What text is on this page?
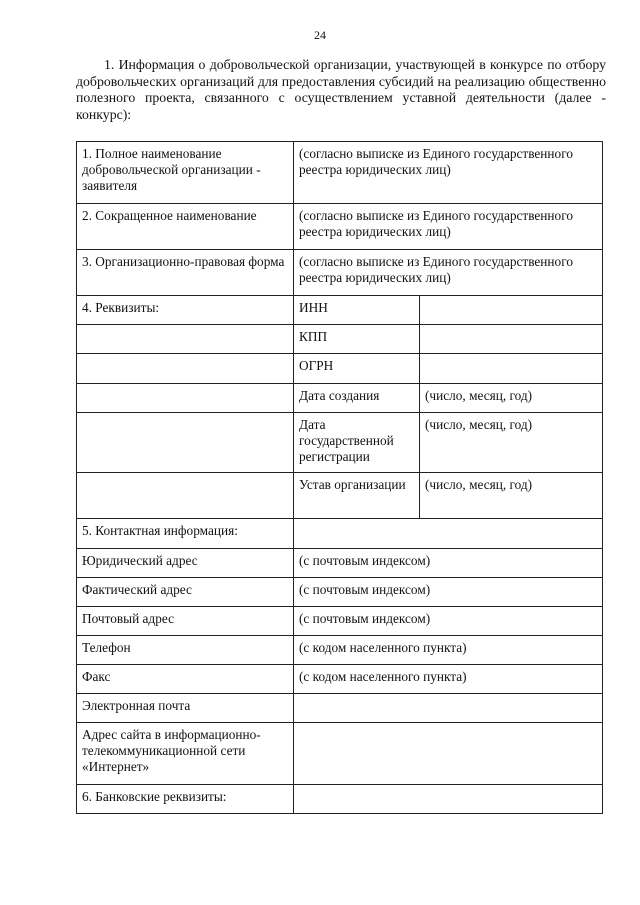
24

1. Информация о добровольческой организации, участвующей в конкурсе по отбору добровольческих организаций для предоставления субсидий на реализацию общественно полезного проекта, связанного с осуществлением уставной деятельности (далее - конкурс):

1. Полное наименование добровольческой организации - заявителя	(согласно выписке из Единого государственного реестра юридических лиц)	
2. Сокращенное наименование	(согласно выписке из Единого государственного реестра юридических лиц)	
3. Организационно-правовая форма	(согласно выписке из Единого государственного реестра юридических лиц)	
4. Реквизиты:	ИНН	
	КПП	
	ОГРН	
	Дата создания	(число, месяц, год)
	Дата государственной регистрации	(число, месяц, год)
	Устав организации	(число, месяц, год)
5. Контактная информация:		
Юридический адрес	(с почтовым индексом)	
Фактический адрес	(с почтовым индексом)	
Почтовый адрес	(с почтовым индексом)	
Телефон	(с кодом населенного пункта)	
Факс	(с кодом населенного пункта)	
Электронная почта		
Адрес сайта в информационно-телекоммуникационной сети «Интернет»		
6. Банковские реквизиты:		
